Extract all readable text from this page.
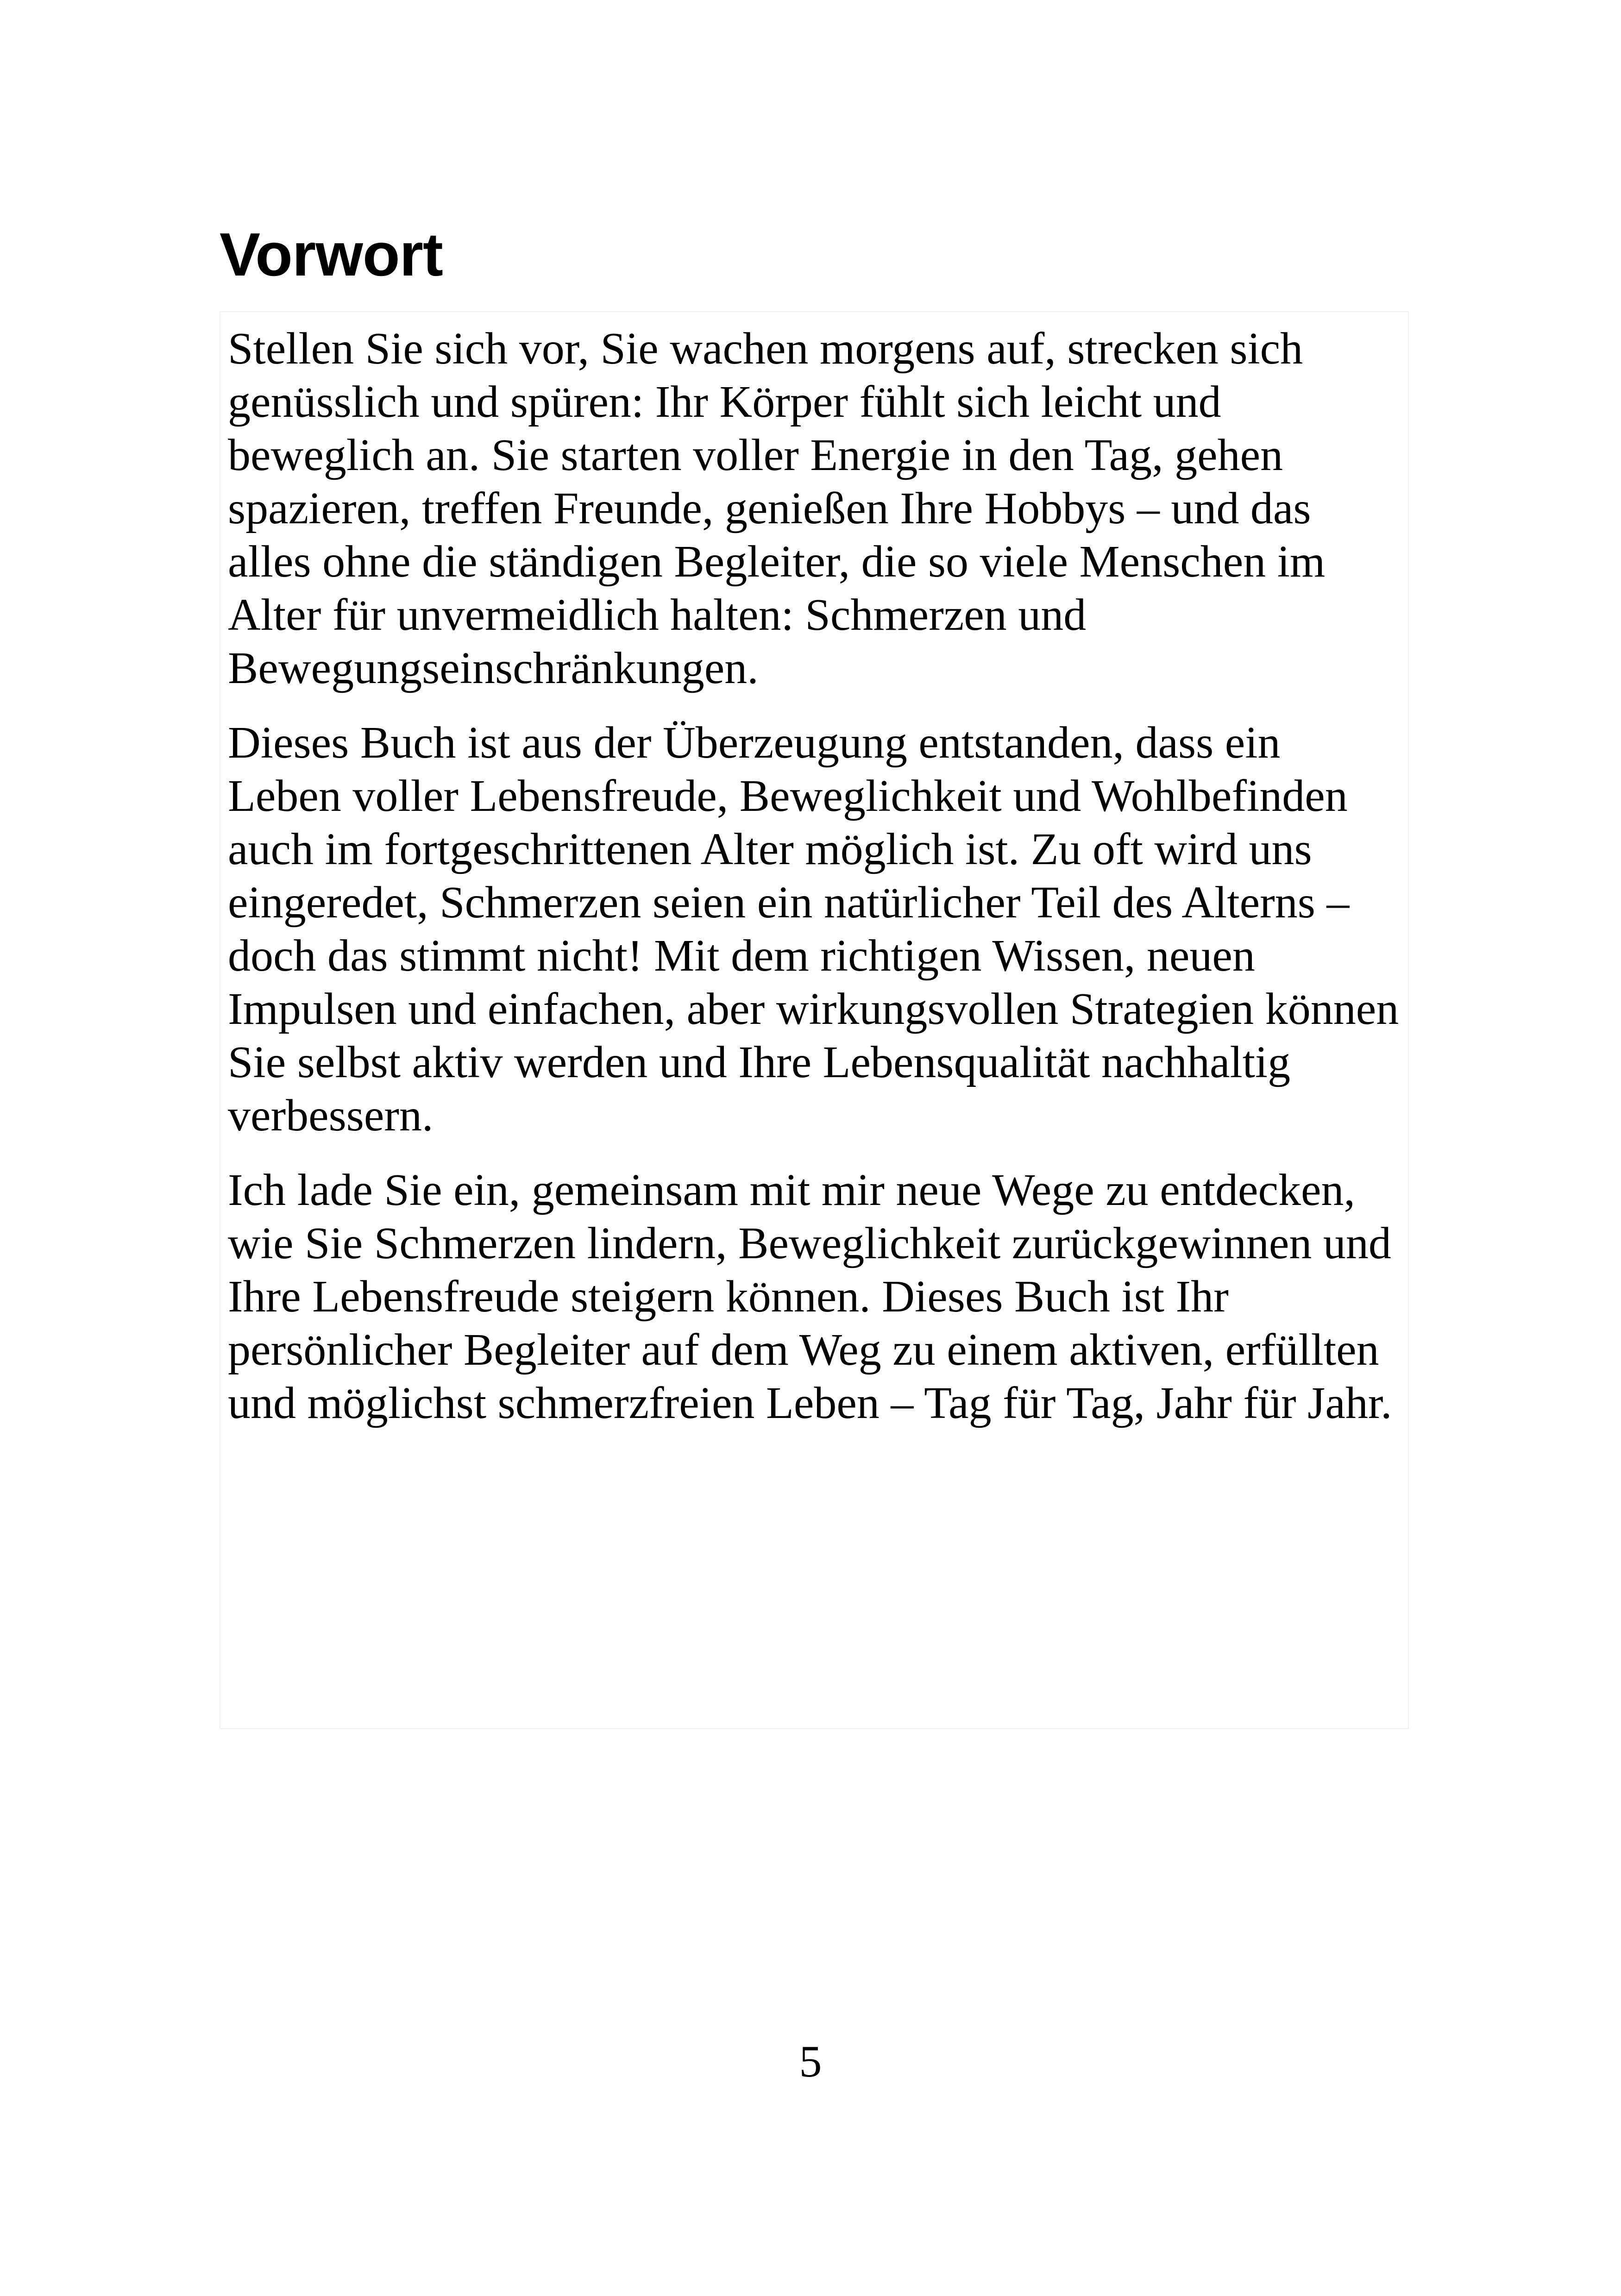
Vorwort

Stellen Sie sich vor, Sie wachen morgens auf, strecken sich genüsslich und spüren: Ihr Körper fühlt sich leicht und beweglich an. Sie starten voller Energie in den Tag, gehen spazieren, treffen Freunde, genießen Ihre Hobbys – und das alles ohne die ständigen Begleiter, die so viele Menschen im Alter für unvermeidlich halten: Schmerzen und Bewegungseinschränkungen.

Dieses Buch ist aus der Überzeugung entstanden, dass ein Leben voller Lebensfreude, Beweglichkeit und Wohlbefinden auch im fortgeschrittenen Alter möglich ist. Zu oft wird uns eingeredet, Schmerzen seien ein natürlicher Teil des Alterns – doch das stimmt nicht! Mit dem richtigen Wissen, neuen Impulsen und einfachen, aber wirkungsvollen Strategien können Sie selbst aktiv werden und Ihre Lebensqualität nachhaltig verbessern.

Ich lade Sie ein, gemeinsam mit mir neue Wege zu entdecken, wie Sie Schmerzen lindern, Beweglichkeit zurückgewinnen und Ihre Lebensfreude steigern können. Dieses Buch ist Ihr persönlicher Begleiter auf dem Weg zu einem aktiven, erfüllten und möglichst schmerzfreien Leben – Tag für Tag, Jahr für Jahr.

5
